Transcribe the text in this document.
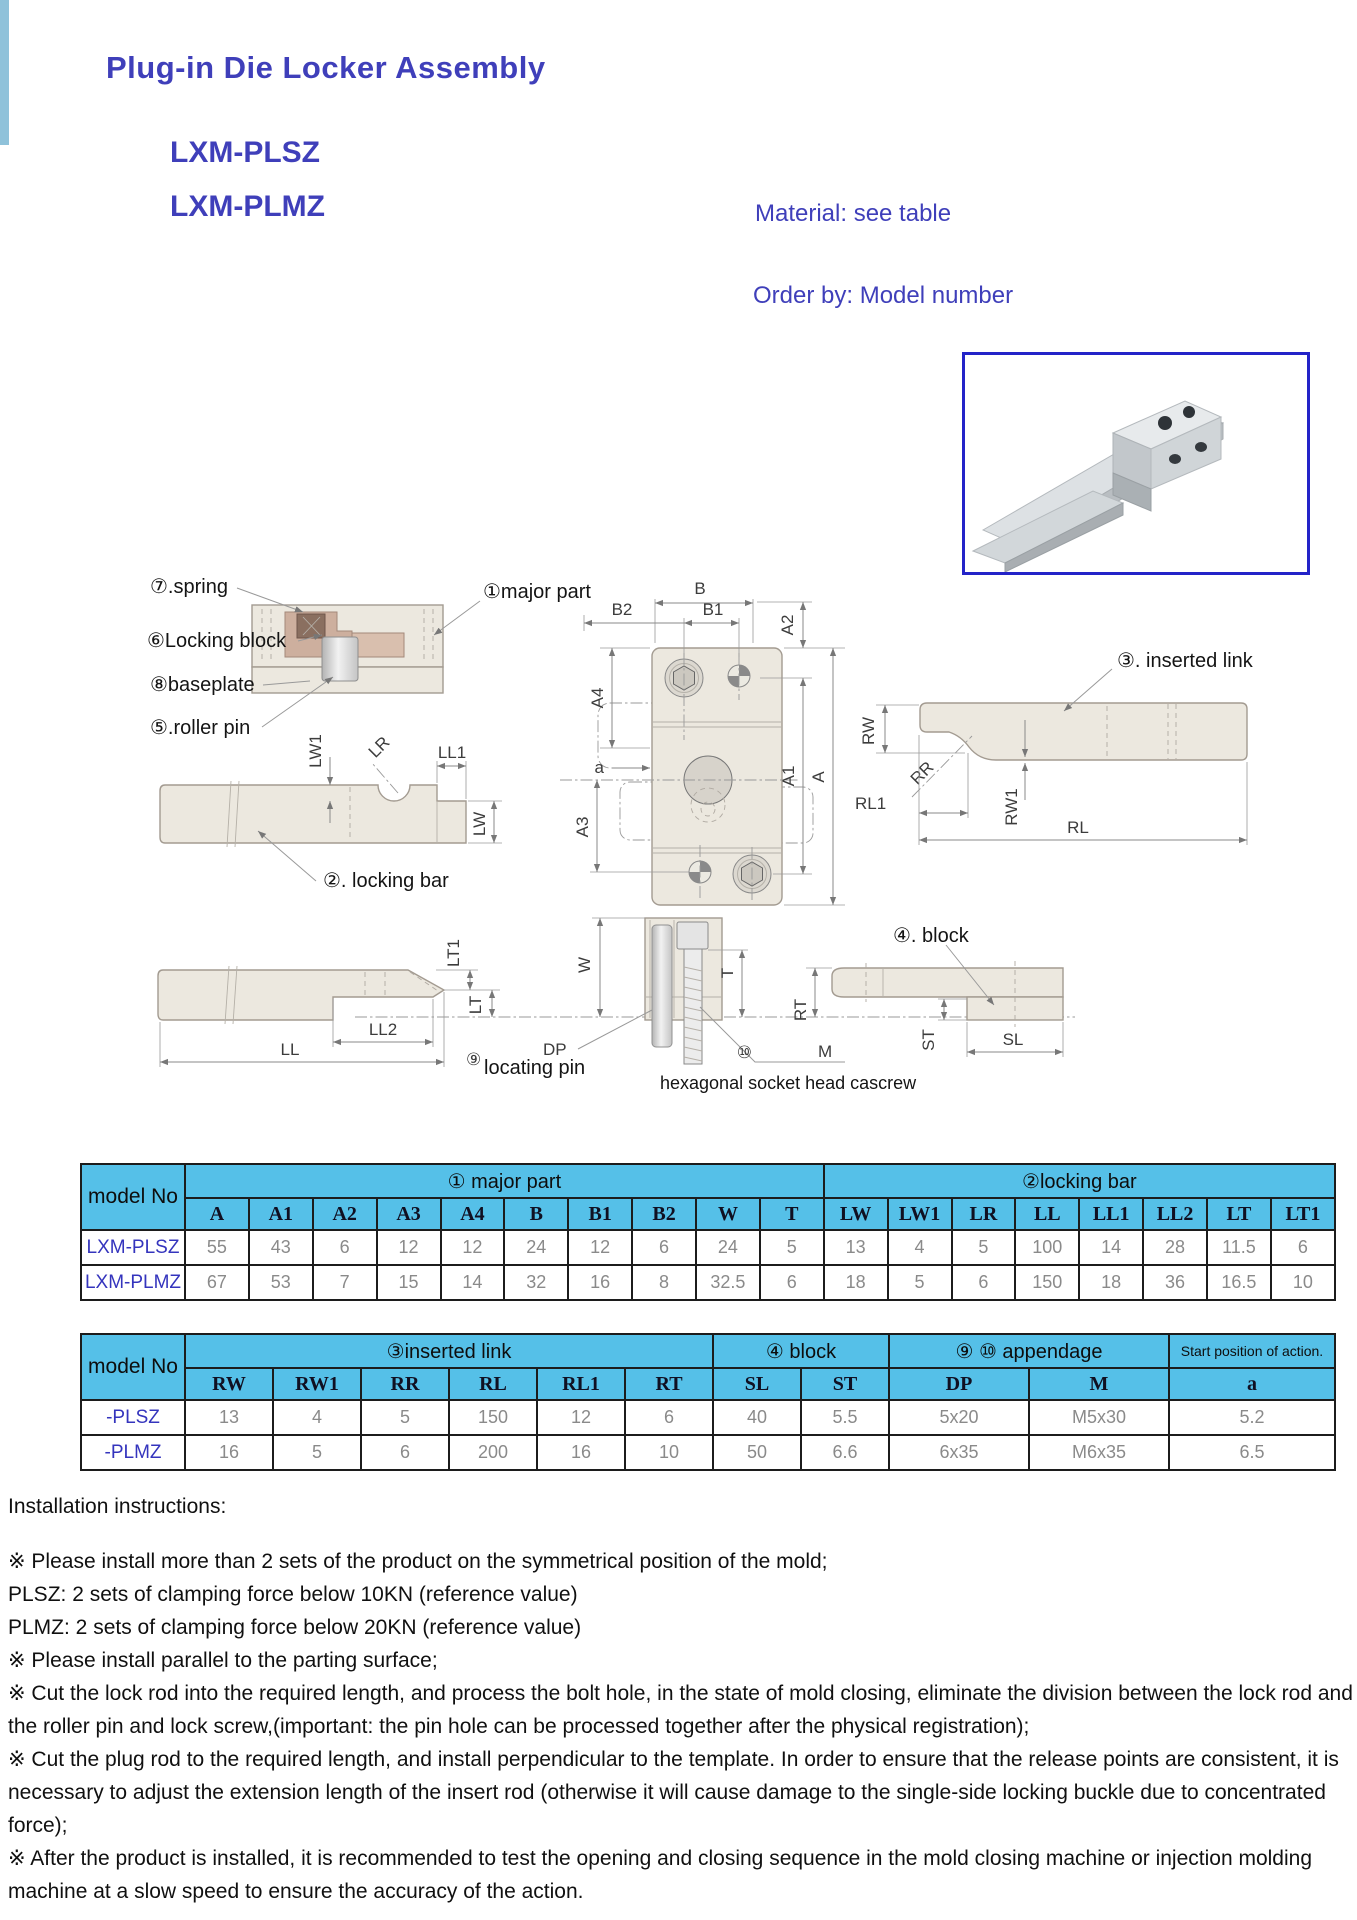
Plug-in Die Locker Assembly
LXM-PLSZ
LXM-PLMZ	Material: see table
Order by: Model number
⑦.spring
⑥Locking block
⑧baseplate
⑤.roller pin
①major part	B
B1
B2
A2
A1 A
A4
a
A3
③. inserted link
RW
RW1
RR
RL1
RL
LW1 LR	LL1
LW
②. locking bar
LT1
LT
LL2
LL
W	T
⑨ locating pin
DP	⑩	M
hexagonal socket head cascrew
④. block
RT
ST	SL
model No	① major part										②locking bar							
	A	A1	A2	A3	A4	B	B1	B2	W	T	LW	LW1	LR	LL	LL1	LL2	LT	LT1
LXM-PLSZ	55	43	6	12	12	24	12	6	24	5	13	4	5	100	14	28	11.5	6
LXM-PLMZ	67	53	7	15	14	32	16	8	32.5	6	18	5	6	150	18	36	16.5	10
model No	③inserted link						④ block		⑨ ⑩ appendage		Start position of action.
	RW	RW1	RR	RL	RL1	RT	SL	ST	DP	M	a
-PLSZ	13	4	5	150	12	6	40	5.5	5x20	M5x30	5.2
-PLMZ	16	5	6	200	16	10	50	6.6	6x35	M6x35	6.5
Installation instructions:

※ Please install more than 2 sets of the product on the symmetrical position of the mold;

PLSZ: 2 sets of clamping force below 10KN (reference value)

PLMZ: 2 sets of clamping force below 20KN (reference value)

※ Please install parallel to the parting surface;

※ Cut the lock rod into the required length, and process the bolt hole, in the state of mold closing, eliminate the division between the lock rod and the roller pin and lock screw,(important: the pin hole can be processed together after the physical registration);

※ Cut the plug rod to the required length, and install perpendicular to the template. In order to ensure that the release points are consistent, it is necessary to adjust the extension length of the insert rod (otherwise it will cause damage to the single-side locking buckle due to concentrated force);

※ After the product is installed, it is recommended to test the opening and closing sequence in the mold closing machine or injection molding machine at a slow speed to ensure the accuracy of the action.
